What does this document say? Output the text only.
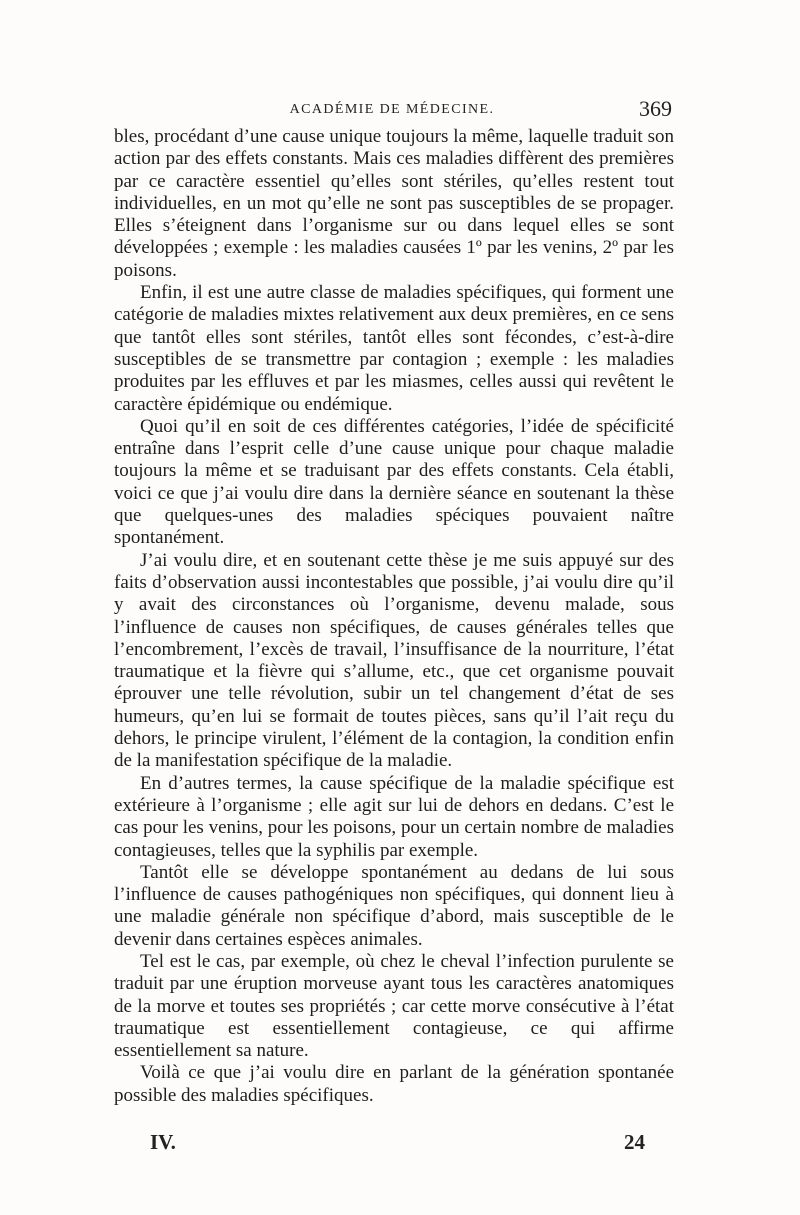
ACADÉMIE DE MÉDECINE.	369

bles, procédant d’une cause unique toujours la même, laquelle traduit son action par des effets constants. Mais ces maladies diffèrent des premières par ce caractère essentiel qu’elles sont stériles, qu’elles restent tout individuelles, en un mot qu’elle ne sont pas susceptibles de se propager. Elles s’éteignent dans l’organisme sur ou dans lequel elles se sont développées ; exemple : les maladies causées 1º par les venins, 2º par les poisons.

Enfin, il est une autre classe de maladies spécifiques, qui forment une catégorie de maladies mixtes relativement aux deux premières, en ce sens que tantôt elles sont stériles, tantôt elles sont fécondes, c’est-à-dire susceptibles de se transmettre par contagion ; exemple : les maladies produites par les effluves et par les miasmes, celles aussi qui revêtent le caractère épidémique ou endémique.

Quoi qu’il en soit de ces différentes catégories, l’idée de spécificité entraîne dans l’esprit celle d’une cause unique pour chaque maladie toujours la même et se traduisant par des effets constants. Cela établi, voici ce que j’ai voulu dire dans la dernière séance en soutenant la thèse que quelques-unes des maladies spéciques pouvaient naître spontanément.

J’ai voulu dire, et en soutenant cette thèse je me suis appuyé sur des faits d’observation aussi incontestables que possible, j’ai voulu dire qu’il y avait des circonstances où l’organisme, devenu malade, sous l’influence de causes non spécifiques, de causes générales telles que l’encombrement, l’excès de travail, l’insuffisance de la nourriture, l’état traumatique et la fièvre qui s’allume, etc., que cet organisme pouvait éprouver une telle révolution, subir un tel changement d’état de ses humeurs, qu’en lui se formait de toutes pièces, sans qu’il l’ait reçu du dehors, le principe virulent, l’élément de la contagion, la condition enfin de la manifestation spécifique de la maladie.

En d’autres termes, la cause spécifique de la maladie spécifique est extérieure à l’organisme ; elle agit sur lui de dehors en dedans. C’est le cas pour les venins, pour les poisons, pour un certain nombre de maladies contagieuses, telles que la syphilis par exemple.

Tantôt elle se développe spontanément au dedans de lui sous l’influence de causes pathogéniques non spécifiques, qui donnent lieu à une maladie générale non spécifique d’abord, mais susceptible de le devenir dans certaines espèces animales.

Tel est le cas, par exemple, où chez le cheval l’infection purulente se traduit par une éruption morveuse ayant tous les caractères anatomiques de la morve et toutes ses propriétés ; car cette morve consécutive à l’état traumatique est essentiellement contagieuse, ce qui affirme essentiellement sa nature.

Voilà ce que j’ai voulu dire en parlant de la génération spontanée possible des maladies spécifiques.

IV.	24
